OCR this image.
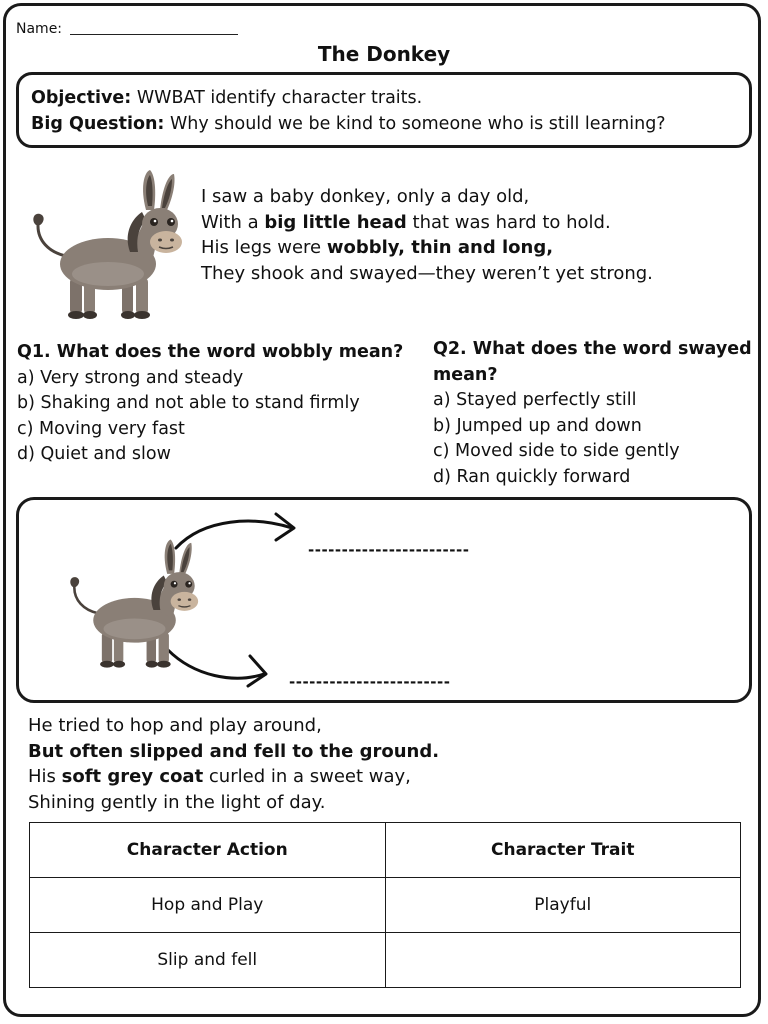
Name:
The Donkey
Objective: WWBAT identify character traits.
Big Question: Why should we be kind to someone who is still learning?
I saw a baby donkey, only a day old,
With a big little head that was hard to hold.
His legs were wobbly, thin and long,
They shook and swayed—they weren’t yet strong.
Q1. What does the word wobbly mean?
a) Very strong and steady
b) Shaking and not able to stand firmly
c) Moving very fast
d) Quiet and slow
Q2. What does the word swayed mean?
a) Stayed perfectly still
b) Jumped up and down
c) Moved side to side gently
d) Ran quickly forward
------------------------
------------------------
He tried to hop and play around,
But often slipped and fell to the ground.
His soft grey coat curled in a sweet way,
Shining gently in the light of day.
Character Action	Character Trait
Hop and Play	Playful
Slip and fell	
